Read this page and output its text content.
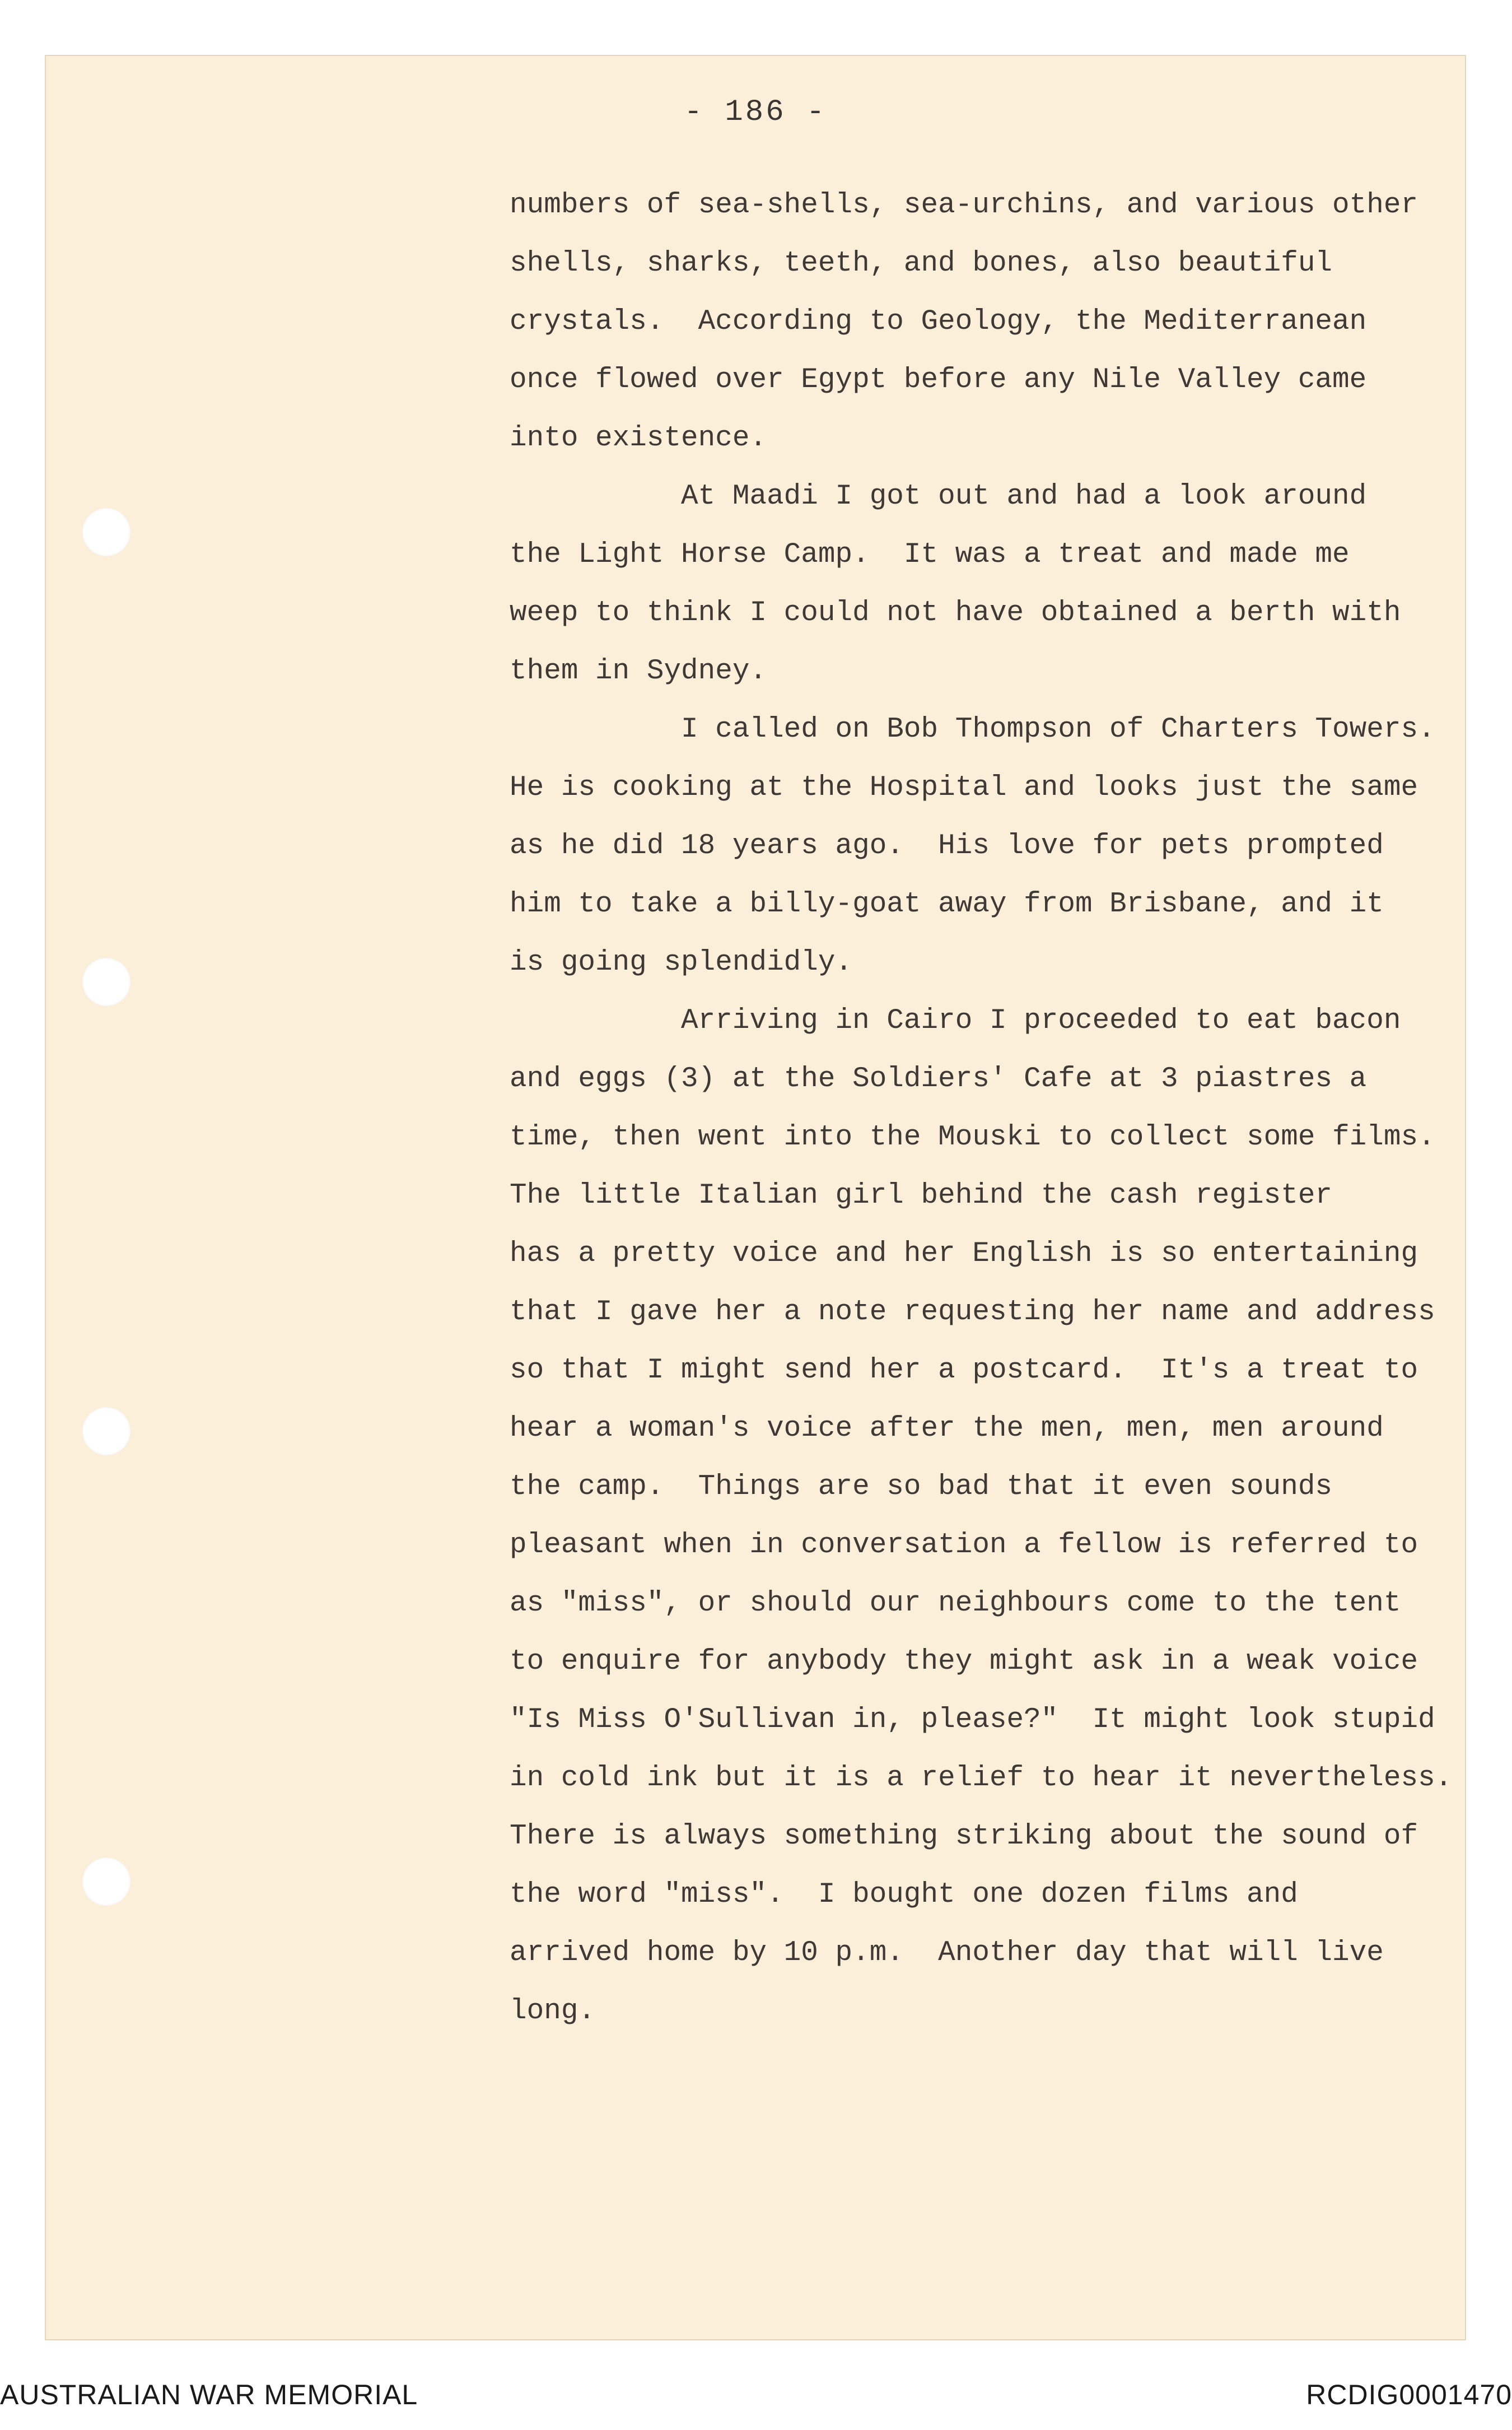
- 186 -
numbers of sea-shells, sea-urchins, and various other
shells, sharks, teeth, and bones, also beautiful
crystals.  According to Geology, the Mediterranean
once flowed over Egypt before any Nile Valley came
into existence.
At Maadi I got out and had a look around
the Light Horse Camp.  It was a treat and made me
weep to think I could not have obtained a berth with
them in Sydney.
I called on Bob Thompson of Charters Towers.
He is cooking at the Hospital and looks just the same
as he did 18 years ago.  His love for pets prompted
him to take a billy-goat away from Brisbane, and it
is going splendidly.
Arriving in Cairo I proceeded to eat bacon
and eggs (3) at the Soldiers' Cafe at 3 piastres a
time, then went into the Mouski to collect some films.
The little Italian girl behind the cash register
has a pretty voice and her English is so entertaining
that I gave her a note requesting her name and address
so that I might send her a postcard.  It's a treat to
hear a woman's voice after the men, men, men around
the camp.  Things are so bad that it even sounds
pleasant when in conversation a fellow is referred to
as "miss", or should our neighbours come to the tent
to enquire for anybody they might ask in a weak voice
"Is Miss O'Sullivan in, please?"  It might look stupid
in cold ink but it is a relief to hear it nevertheless.
There is always something striking about the sound of
the word "miss".  I bought one dozen films and
arrived home by 10 p.m.  Another day that will live
long.
AUSTRALIAN WAR MEMORIAL	RCDIG0001470
